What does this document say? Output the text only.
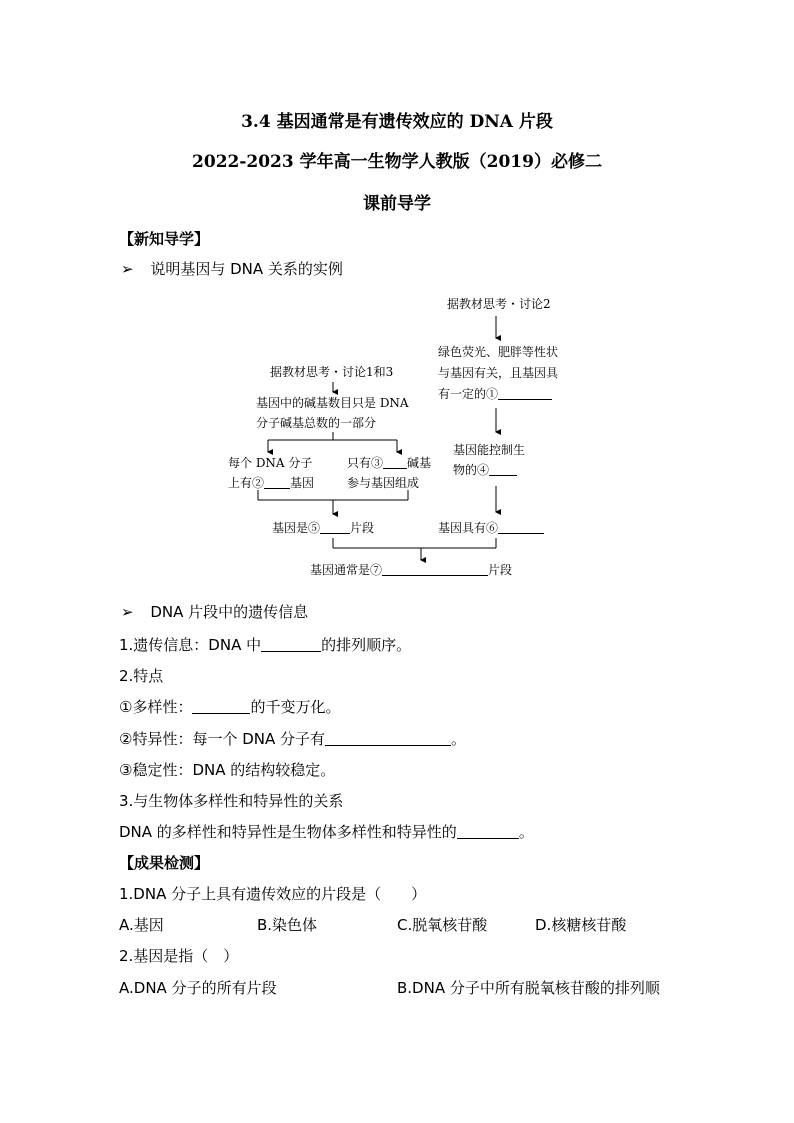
3.4 基因通常是有遗传效应的 DNA 片段
2022-2023 学年高一生物学人教版（2019）必修二
课前导学
【新知导学】
➢ 说明基因与 DNA 关系的实例
据教材思考・讨论2
绿色荧光、肥胖等性状
与基因有关，且基因具
有一定的①
据教材思考・讨论1和3
基因中的碱基数目只是 DNA
分子碱基总数的一部分
每个 DNA 分子
上有② 基因
只有③ 碱基
参与基因组成
基因能控制生
物的④
基因是⑤	片段	基因具有⑥
基因通常是⑦	片段
➢ DNA 片段中的遗传信息
1.遗传信息：DNA 中	的排列顺序。
2.特点
①多样性：	的千变万化。
②特异性：每一个 DNA 分子有	。
③稳定性：DNA 的结构较稳定。
3.与生物体多样性和特异性的关系
DNA 的多样性和特异性是生物体多样性和特异性的	。
【成果检测】
1.DNA 分子上具有遗传效应的片段是（　　）
A.基因	B.染色体	C.脱氧核苷酸	D.核糖核苷酸
2.基因是指（　）
A.DNA 分子的所有片段	B.DNA 分子中所有脱氧核苷酸的排列顺
